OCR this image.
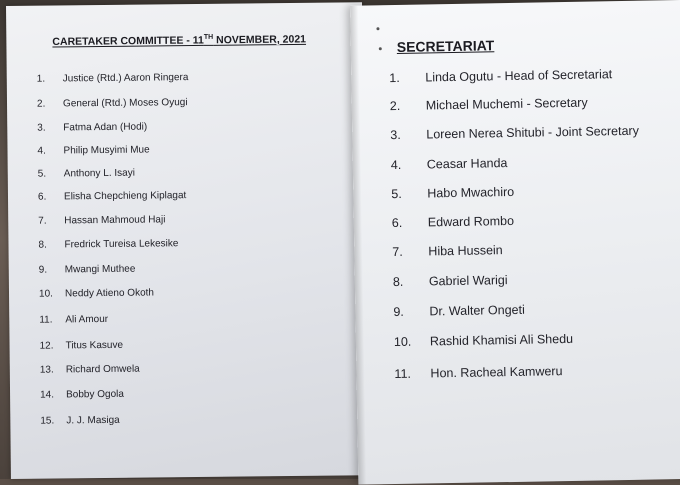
CARETAKER COMMITTEE - 11TH NOVEMBER, 2021
1.	Justice (Rtd.) Aaron Ringera
2.	General (Rtd.) Moses Oyugi
3.	Fatma Adan (Hodi)
4.	Philip Musyimi Mue
5.	Anthony L. Isayi
6.	Elisha Chepchieng Kiplagat
7.	Hassan Mahmoud Haji
8.	Fredrick Tureisa Lekesike
9.	Mwangi Muthee
10.	Neddy Atieno Okoth
11.	Ali Amour
12.	Titus Kasuve
13.	Richard Omwela
14.	Bobby Ogola
15.	J. J. Masiga
SECRETARIAT
1.	Linda Ogutu - Head of Secretariat
2.	Michael Muchemi - Secretary
3.	Loreen Nerea Shitubi - Joint Secretary
4.	Ceasar Handa
5.	Habo Mwachiro
6.	Edward Rombo
7.	Hiba Hussein
8.	Gabriel Warigi
9.	Dr. Walter Ongeti
10.	Rashid Khamisi Ali Shedu
11.	Hon. Racheal Kamweru
